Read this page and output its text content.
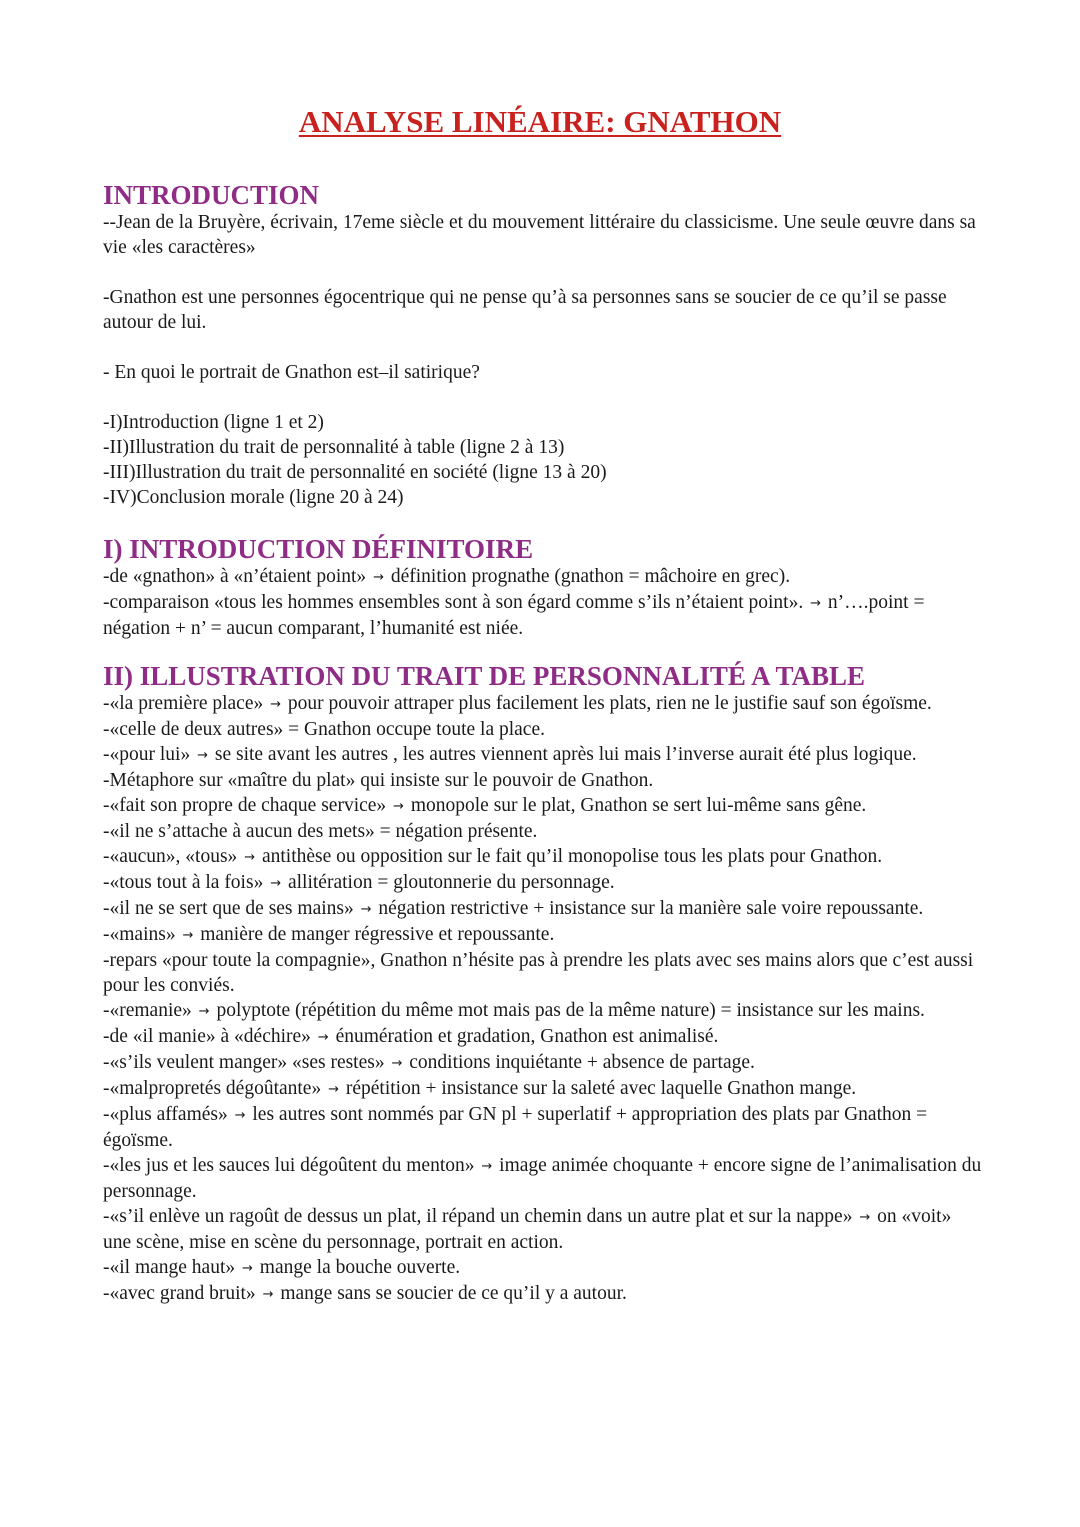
ANALYSE LINÉAIRE: GNATHON
INTRODUCTION

--Jean de la Bruyère, écrivain, 17eme siècle et du mouvement littéraire du classicisme. Une seule œuvre dans sa vie «les caractères»

-Gnathon est une personnes égocentrique qui ne pense qu’à sa personnes sans se soucier de ce qu’il se passe autour de lui.

- En quoi le portrait de Gnathon est–il satirique?

-I)Introduction (ligne 1 et 2)

-II)Illustration du trait de personnalité à table (ligne 2 à 13)

-III)Illustration du trait de personnalité en société (ligne 13 à 20)

-IV)Conclusion morale (ligne 20 à 24)

I) INTRODUCTION DÉFINITOIRE

-de «gnathon» à «n’étaient point» → définition prognathe (gnathon = mâchoire en grec).

-comparaison «tous les hommes ensembles sont à son égard comme s’ils n’étaient point». → n’….point = négation + n’ = aucun comparant, l’humanité est niée.

II) ILLUSTRATION DU TRAIT DE PERSONNALITÉ A TABLE

-«la première place» → pour pouvoir attraper plus facilement les plats, rien ne le justifie sauf son égoïsme.

-«celle de deux autres» = Gnathon occupe toute la place.

-«pour lui» → se site avant les autres , les autres viennent après lui mais l’inverse aurait été plus logique.

-Métaphore sur «maître du plat» qui insiste sur le pouvoir de Gnathon.

-«fait son propre de chaque service» → monopole sur le plat, Gnathon se sert lui-même sans gêne.

-«il ne s’attache à aucun des mets» = négation présente.

-«aucun», «tous» → antithèse ou opposition sur le fait qu’il monopolise tous les plats pour Gnathon.

-«tous tout à la fois» → allitération = gloutonnerie du personnage.

-«il ne se sert que de ses mains» → négation restrictive + insistance sur la manière sale voire repoussante.

-«mains» → manière de manger régressive et repoussante.

-repars «pour toute la compagnie», Gnathon n’hésite pas à prendre les plats avec ses mains alors que c’est aussi pour les conviés.

-«remanie» → polyptote (répétition du même mot mais pas de la même nature) = insistance sur les mains.

-de «il manie» à «déchire» → énumération et gradation, Gnathon est animalisé.

-«s’ils veulent manger» «ses restes» → conditions inquiétante + absence de partage.

-«malpropretés dégoûtante» → répétition + insistance sur la saleté avec laquelle Gnathon mange.

-«plus affamés» → les autres sont nommés par GN pl + superlatif + appropriation des plats par Gnathon = égoïsme.

-«les jus et les sauces lui dégoûtent du menton» → image animée choquante + encore signe de l’animalisation du personnage.

-«s’il enlève un ragoût de dessus un plat, il répand un chemin dans un autre plat et sur la nappe» → on «voit» une scène, mise en scène du personnage, portrait en action.

-«il mange haut» → mange la bouche ouverte.

-«avec grand bruit» → mange sans se soucier de ce qu’il y a autour.
